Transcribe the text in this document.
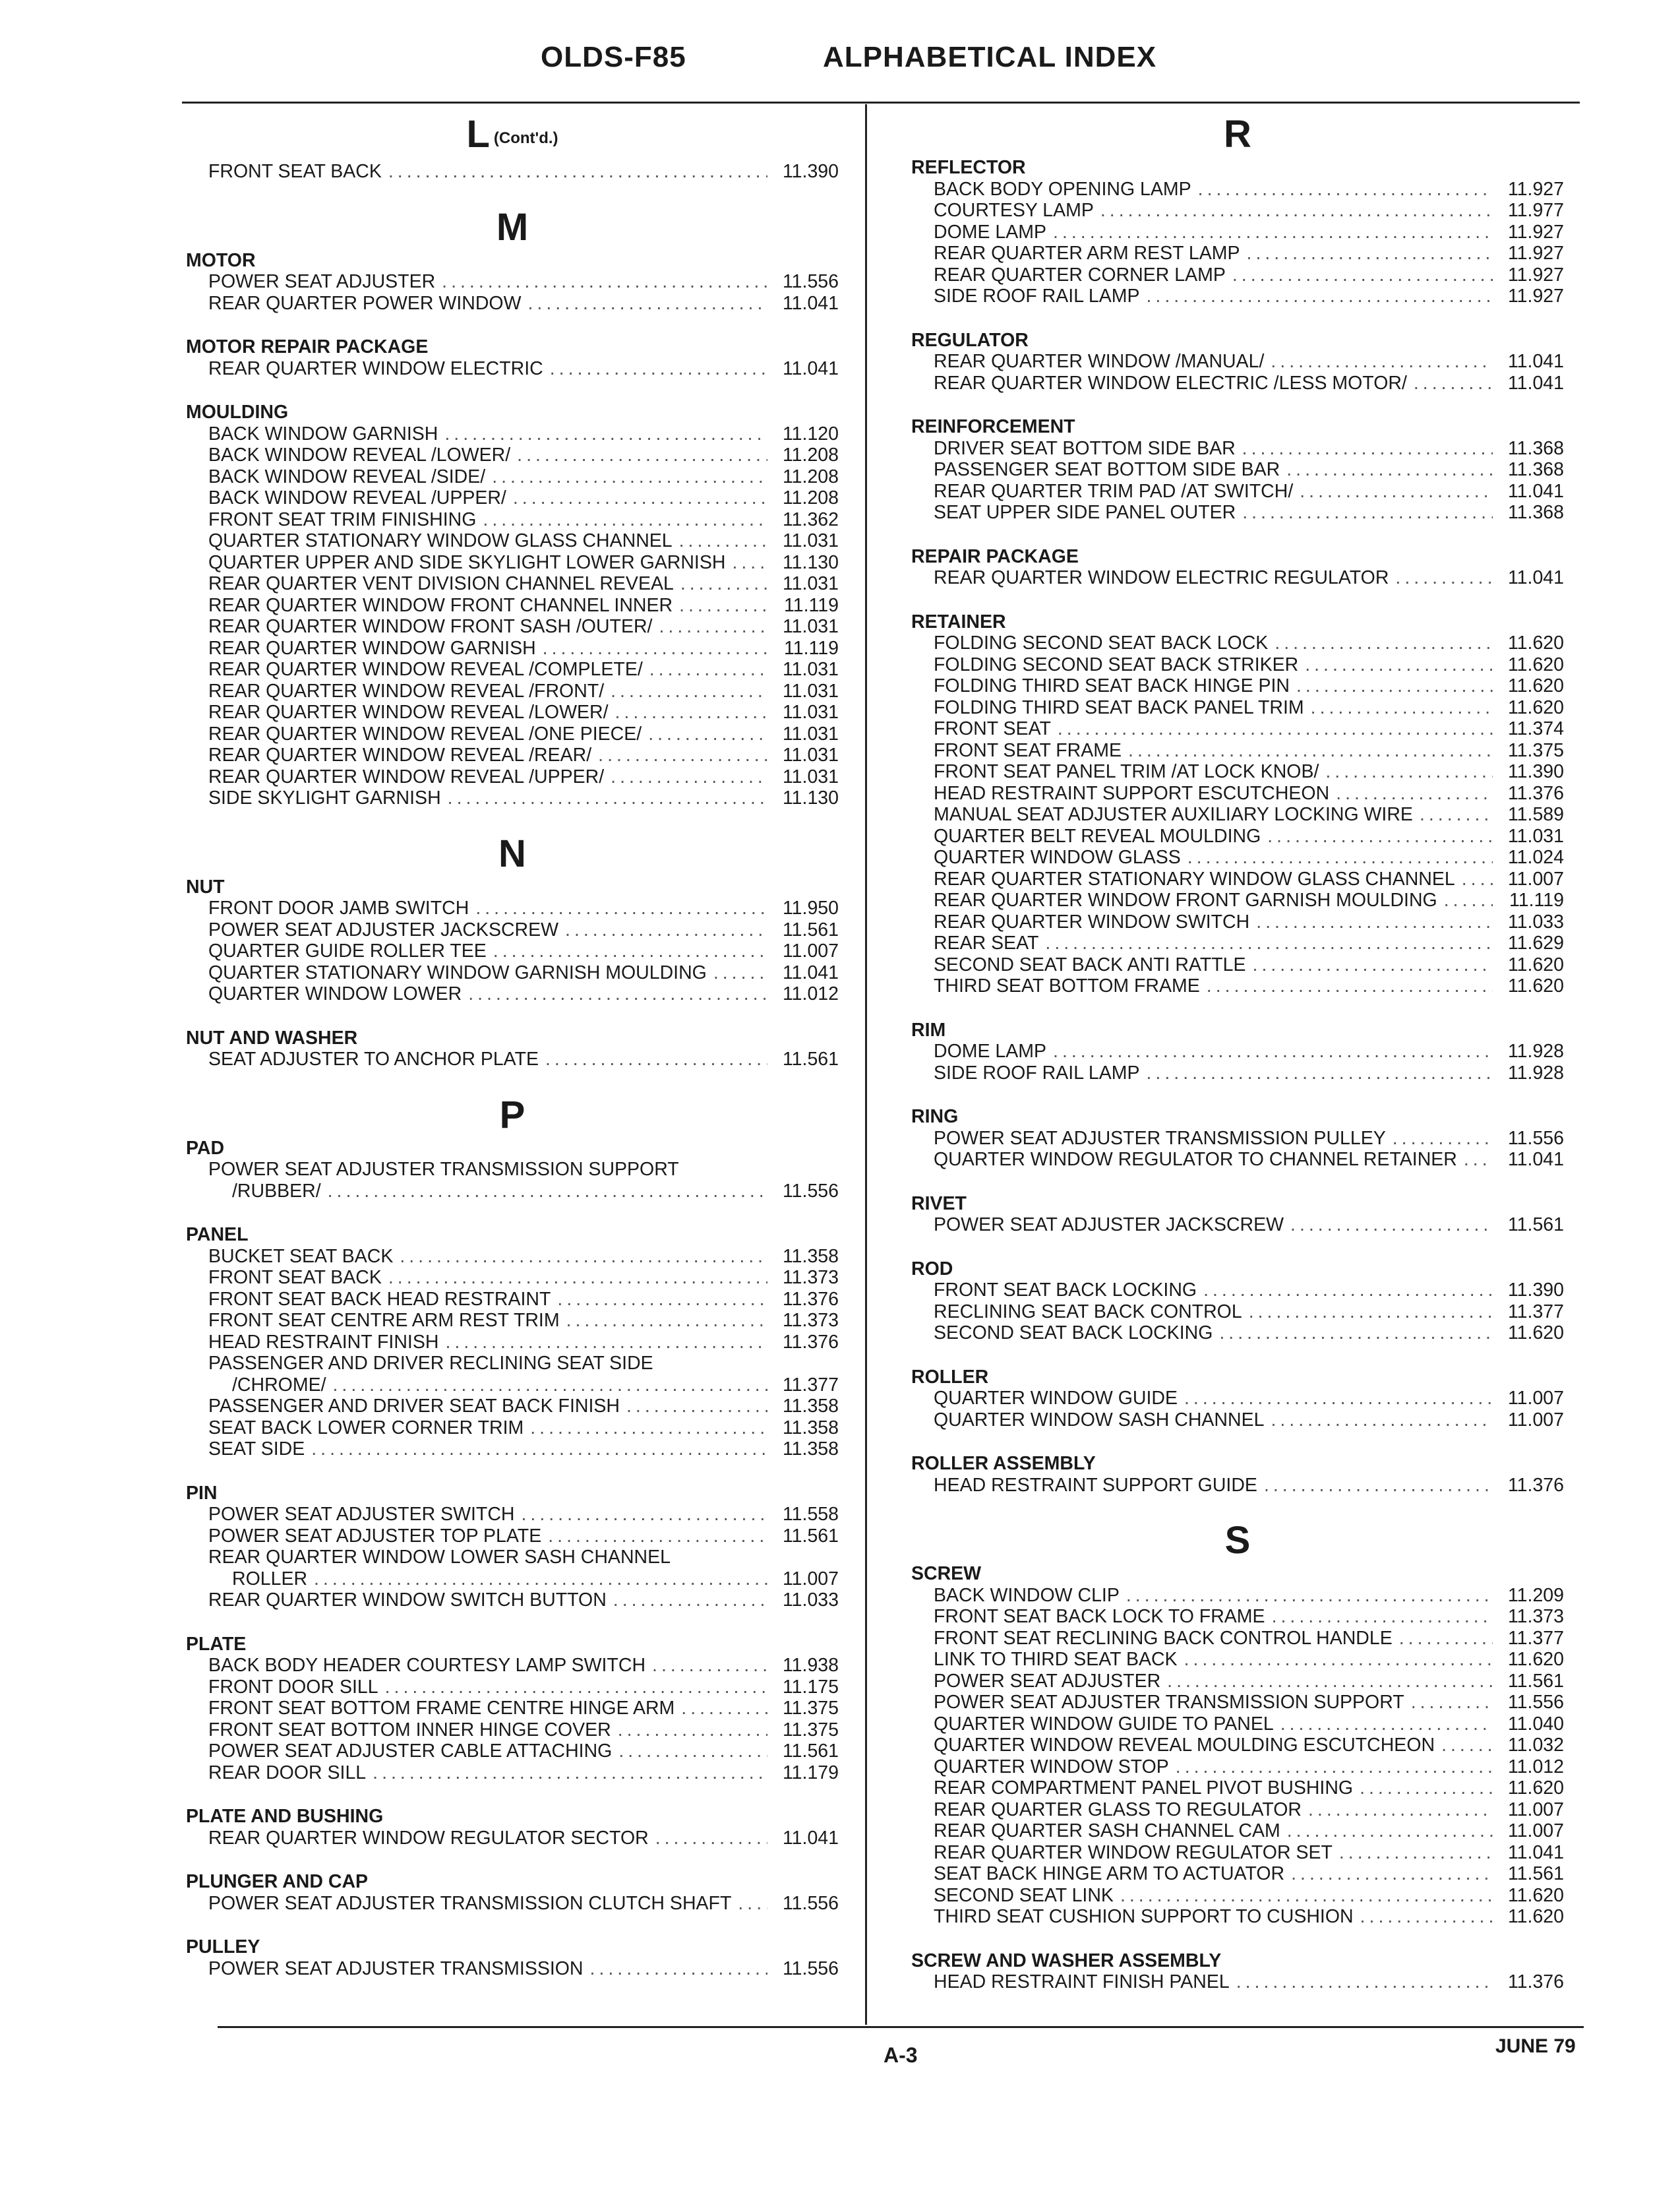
OLDS-F85	ALPHABETICAL INDEX
L (Cont'd.)
FRONT SEAT BACK .....	11.390
M
MOTOR
POWER SEAT ADJUSTER .....	11.556
REAR QUARTER POWER WINDOW .....	11.041
MOTOR REPAIR PACKAGE
REAR QUARTER WINDOW ELECTRIC .....	11.041
MOULDING
BACK WINDOW GARNISH .....	11.120
BACK WINDOW REVEAL /LOWER/ .....	11.208
BACK WINDOW REVEAL /SIDE/ .....	11.208
BACK WINDOW REVEAL /UPPER/ .....	11.208
FRONT SEAT TRIM FINISHING .....	11.362
QUARTER STATIONARY WINDOW GLASS CHANNEL .....	11.031
QUARTER UPPER AND SIDE SKYLIGHT LOWER GARNISH .....	11.130
REAR QUARTER VENT DIVISION CHANNEL REVEAL .....	11.031
REAR QUARTER WINDOW FRONT CHANNEL INNER .....	11.119
REAR QUARTER WINDOW FRONT SASH /OUTER/ .....	11.031
REAR QUARTER WINDOW GARNISH .....	11.119
REAR QUARTER WINDOW REVEAL /COMPLETE/ .....	11.031
REAR QUARTER WINDOW REVEAL /FRONT/ .....	11.031
REAR QUARTER WINDOW REVEAL /LOWER/ .....	11.031
REAR QUARTER WINDOW REVEAL /ONE PIECE/ .....	11.031
REAR QUARTER WINDOW REVEAL /REAR/ .....	11.031
REAR QUARTER WINDOW REVEAL /UPPER/ .....	11.031
SIDE SKYLIGHT GARNISH .....	11.130
N
NUT
FRONT DOOR JAMB SWITCH .....	11.950
POWER SEAT ADJUSTER JACKSCREW .....	11.561
QUARTER GUIDE ROLLER TEE .....	11.007
QUARTER STATIONARY WINDOW GARNISH MOULDING .....	11.041
QUARTER WINDOW LOWER .....	11.012
NUT AND WASHER
SEAT ADJUSTER TO ANCHOR PLATE .....	11.561
P
PAD
POWER SEAT ADJUSTER TRANSMISSION SUPPORT
/RUBBER/ .....	11.556
PANEL
BUCKET SEAT BACK .....	11.358
FRONT SEAT BACK .....	11.373
FRONT SEAT BACK HEAD RESTRAINT .....	11.376
FRONT SEAT CENTRE ARM REST TRIM .....	11.373
HEAD RESTRAINT FINISH .....	11.376
PASSENGER AND DRIVER RECLINING SEAT SIDE
/CHROME/ .....	11.377
PASSENGER AND DRIVER SEAT BACK FINISH .....	11.358
SEAT BACK LOWER CORNER TRIM .....	11.358
SEAT SIDE .....	11.358
PIN
POWER SEAT ADJUSTER SWITCH .....	11.558
POWER SEAT ADJUSTER TOP PLATE .....	11.561
REAR QUARTER WINDOW LOWER SASH CHANNEL
ROLLER .....	11.007
REAR QUARTER WINDOW SWITCH BUTTON .....	11.033
PLATE
BACK BODY HEADER COURTESY LAMP SWITCH .....	11.938
FRONT DOOR SILL .....	11.175
FRONT SEAT BOTTOM FRAME CENTRE HINGE ARM .....	11.375
FRONT SEAT BOTTOM INNER HINGE COVER .....	11.375
POWER SEAT ADJUSTER CABLE ATTACHING .....	11.561
REAR DOOR SILL .....	11.179
PLATE AND BUSHING
REAR QUARTER WINDOW REGULATOR SECTOR .....	11.041
PLUNGER AND CAP
POWER SEAT ADJUSTER TRANSMISSION CLUTCH SHAFT .....	11.556
PULLEY
POWER SEAT ADJUSTER TRANSMISSION .....	11.556
R
REFLECTOR
BACK BODY OPENING LAMP .....	11.927
COURTESY LAMP .....	11.977
DOME LAMP .....	11.927
REAR QUARTER ARM REST LAMP .....	11.927
REAR QUARTER CORNER LAMP .....	11.927
SIDE ROOF RAIL LAMP .....	11.927
REGULATOR
REAR QUARTER WINDOW /MANUAL/ .....	11.041
REAR QUARTER WINDOW ELECTRIC /LESS MOTOR/ .....	11.041
REINFORCEMENT
DRIVER SEAT BOTTOM SIDE BAR .....	11.368
PASSENGER SEAT BOTTOM SIDE BAR .....	11.368
REAR QUARTER TRIM PAD /AT SWITCH/ .....	11.041
SEAT UPPER SIDE PANEL OUTER .....	11.368
REPAIR PACKAGE
REAR QUARTER WINDOW ELECTRIC REGULATOR .....	11.041
RETAINER
FOLDING SECOND SEAT BACK LOCK .....	11.620
FOLDING SECOND SEAT BACK STRIKER .....	11.620
FOLDING THIRD SEAT BACK HINGE PIN .....	11.620
FOLDING THIRD SEAT BACK PANEL TRIM .....	11.620
FRONT SEAT .....	11.374
FRONT SEAT FRAME .....	11.375
FRONT SEAT PANEL TRIM /AT LOCK KNOB/ .....	11.390
HEAD RESTRAINT SUPPORT ESCUTCHEON .....	11.376
MANUAL SEAT ADJUSTER AUXILIARY LOCKING WIRE .....	11.589
QUARTER BELT REVEAL MOULDING .....	11.031
QUARTER WINDOW GLASS .....	11.024
REAR QUARTER STATIONARY WINDOW GLASS CHANNEL .....	11.007
REAR QUARTER WINDOW FRONT GARNISH MOULDING .....	11.119
REAR QUARTER WINDOW SWITCH .....	11.033
REAR SEAT .....	11.629
SECOND SEAT BACK ANTI RATTLE .....	11.620
THIRD SEAT BOTTOM FRAME .....	11.620
RIM
DOME LAMP .....	11.928
SIDE ROOF RAIL LAMP .....	11.928
RING
POWER SEAT ADJUSTER TRANSMISSION PULLEY .....	11.556
QUARTER WINDOW REGULATOR TO CHANNEL RETAINER .....	11.041
RIVET
POWER SEAT ADJUSTER JACKSCREW .....	11.561
ROD
FRONT SEAT BACK LOCKING .....	11.390
RECLINING SEAT BACK CONTROL .....	11.377
SECOND SEAT BACK LOCKING .....	11.620
ROLLER
QUARTER WINDOW GUIDE .....	11.007
QUARTER WINDOW SASH CHANNEL .....	11.007
ROLLER ASSEMBLY
HEAD RESTRAINT SUPPORT GUIDE .....	11.376
S
SCREW
BACK WINDOW CLIP .....	11.209
FRONT SEAT BACK LOCK TO FRAME .....	11.373
FRONT SEAT RECLINING BACK CONTROL HANDLE .....	11.377
LINK TO THIRD SEAT BACK .....	11.620
POWER SEAT ADJUSTER .....	11.561
POWER SEAT ADJUSTER TRANSMISSION SUPPORT .....	11.556
QUARTER WINDOW GUIDE TO PANEL .....	11.040
QUARTER WINDOW REVEAL MOULDING ESCUTCHEON .....	11.032
QUARTER WINDOW STOP .....	11.012
REAR COMPARTMENT PANEL PIVOT BUSHING .....	11.620
REAR QUARTER GLASS TO REGULATOR .....	11.007
REAR QUARTER SASH CHANNEL CAM .....	11.007
REAR QUARTER WINDOW REGULATOR SET .....	11.041
SEAT BACK HINGE ARM TO ACTUATOR .....	11.561
SECOND SEAT LINK .....	11.620
THIRD SEAT CUSHION SUPPORT TO CUSHION .....	11.620
SCREW AND WASHER ASSEMBLY
HEAD RESTRAINT FINISH PANEL .....	11.376
A-3	JUNE 79
